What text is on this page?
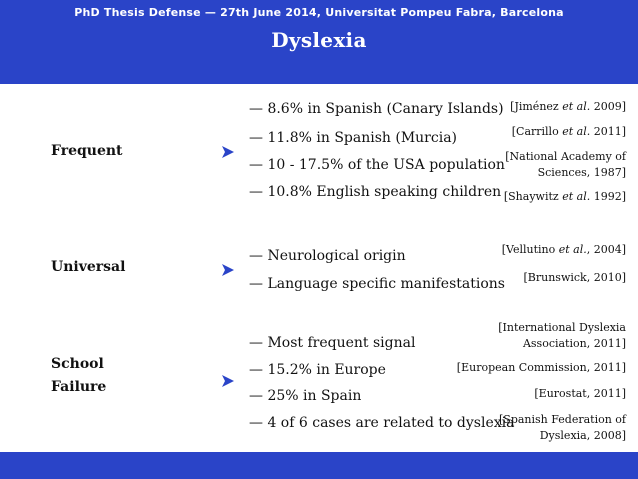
Dyslexia
Frequent
— 8.6% in Spanish (Canary Islands)
— 11.8% in Spanish (Murcia)
— 10 - 17.5% of the USA population
— 10.8% English speaking children
[Jiménez et al. 2009]
[Carrillo et al. 2011]
[National Academy of
Sciences, 1987]
[Shaywitz et al. 1992]
Universal
— Neurological origin
— Language specific manifestations
[Vellutino et al., 2004]
[Brunswick, 2010]
School
Failure
— Most frequent signal
— 15.2% in Europe
— 25% in Spain
— 4 of 6 cases are related to dyslexia
[International Dyslexia
Association, 2011]
[European Commission, 2011]
[Eurostat, 2011]
[Spanish Federation of
Dyslexia, 2008]
PhD Thesis Defense — 27th June 2014, Universitat Pompeu Fabra, Barcelona
